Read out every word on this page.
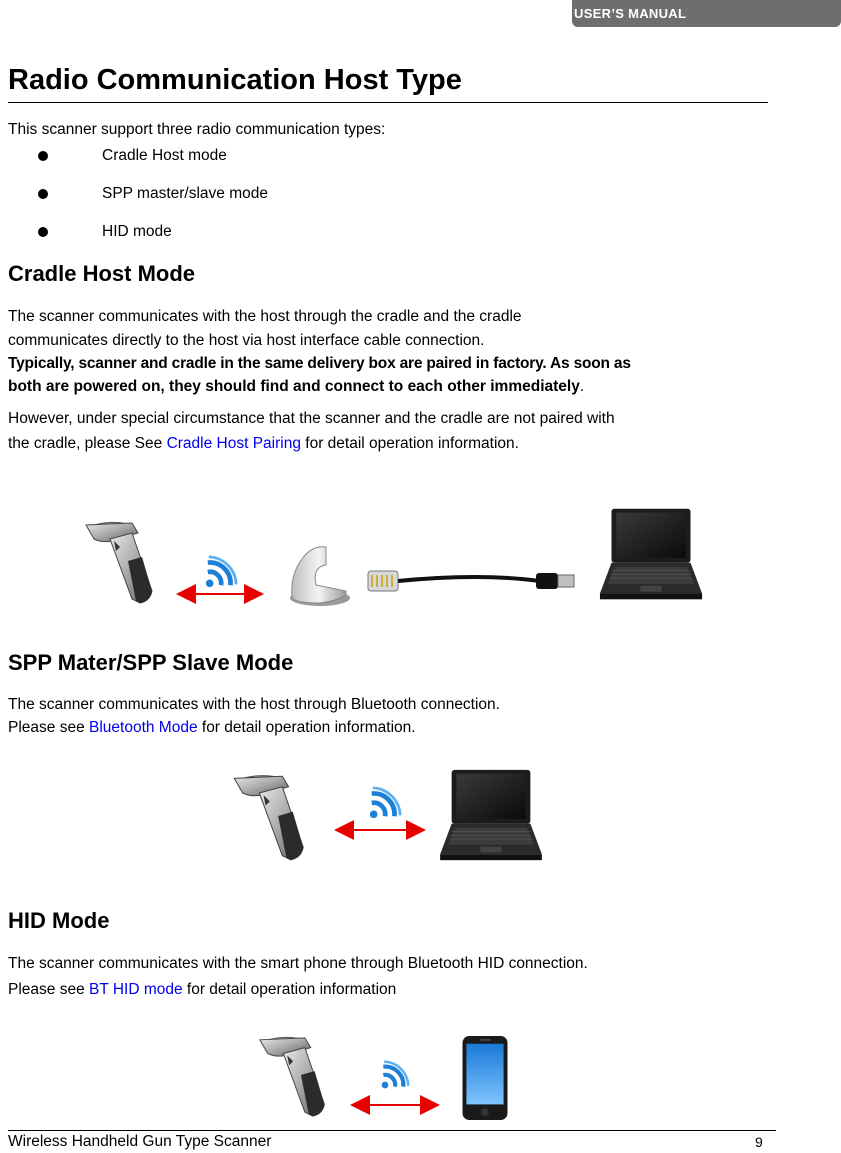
USER’S MANUAL
Radio Communication Host Type

This scanner support three radio communication types:

Cradle Host mode
SPP master/slave mode
HID mode
Cradle Host Mode

The scanner communicates with the host through the cradle and the cradle

communicates directly to the host via host interface cable connection.

Typically, scanner and cradle in the same delivery box are paired in factory. As soon as

both are powered on, they should find and connect to each other immediately.

However, under special circumstance that the scanner and the cradle are not paired with

the cradle, please See Cradle Host Pairing for detail operation information.

SPP Mater/SPP Slave Mode

The scanner communicates with the host through Bluetooth connection.

Please see Bluetooth Mode for detail operation information.

HID Mode

The scanner communicates with the smart phone through Bluetooth HID connection.

Please see BT HID mode for detail operation information

Wireless Handheld Gun Type Scanner	9
